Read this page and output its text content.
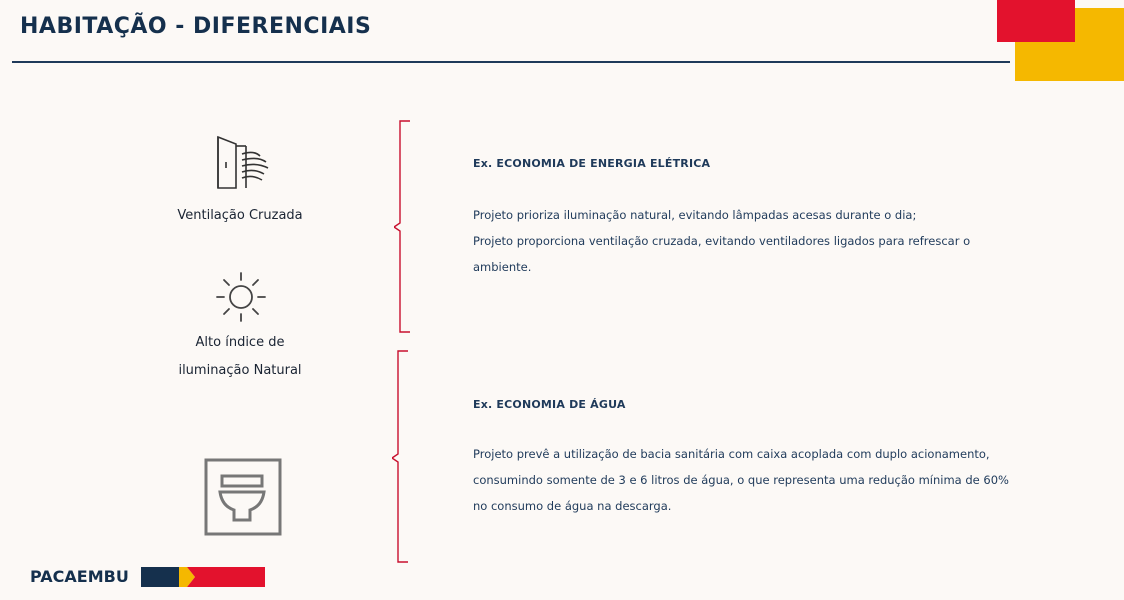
HABITAÇÃO - DIFERENCIAIS
Ventilação Cruzada
Alto índice de
iluminação Natural
Ex. ECONOMIA DE ENERGIA ELÉTRICA
Projeto prioriza iluminação natural, evitando lâmpadas acesas durante o dia;
Projeto proporciona ventilação cruzada, evitando ventiladores ligados para refrescar o
ambiente.
Ex. ECONOMIA DE ÁGUA
Projeto prevê a utilização de bacia sanitária com caixa acoplada com duplo acionamento,
consumindo somente de 3 e 6 litros de água, o que representa uma redução mínima de 60%
no consumo de água na descarga.
PACAEMBU
